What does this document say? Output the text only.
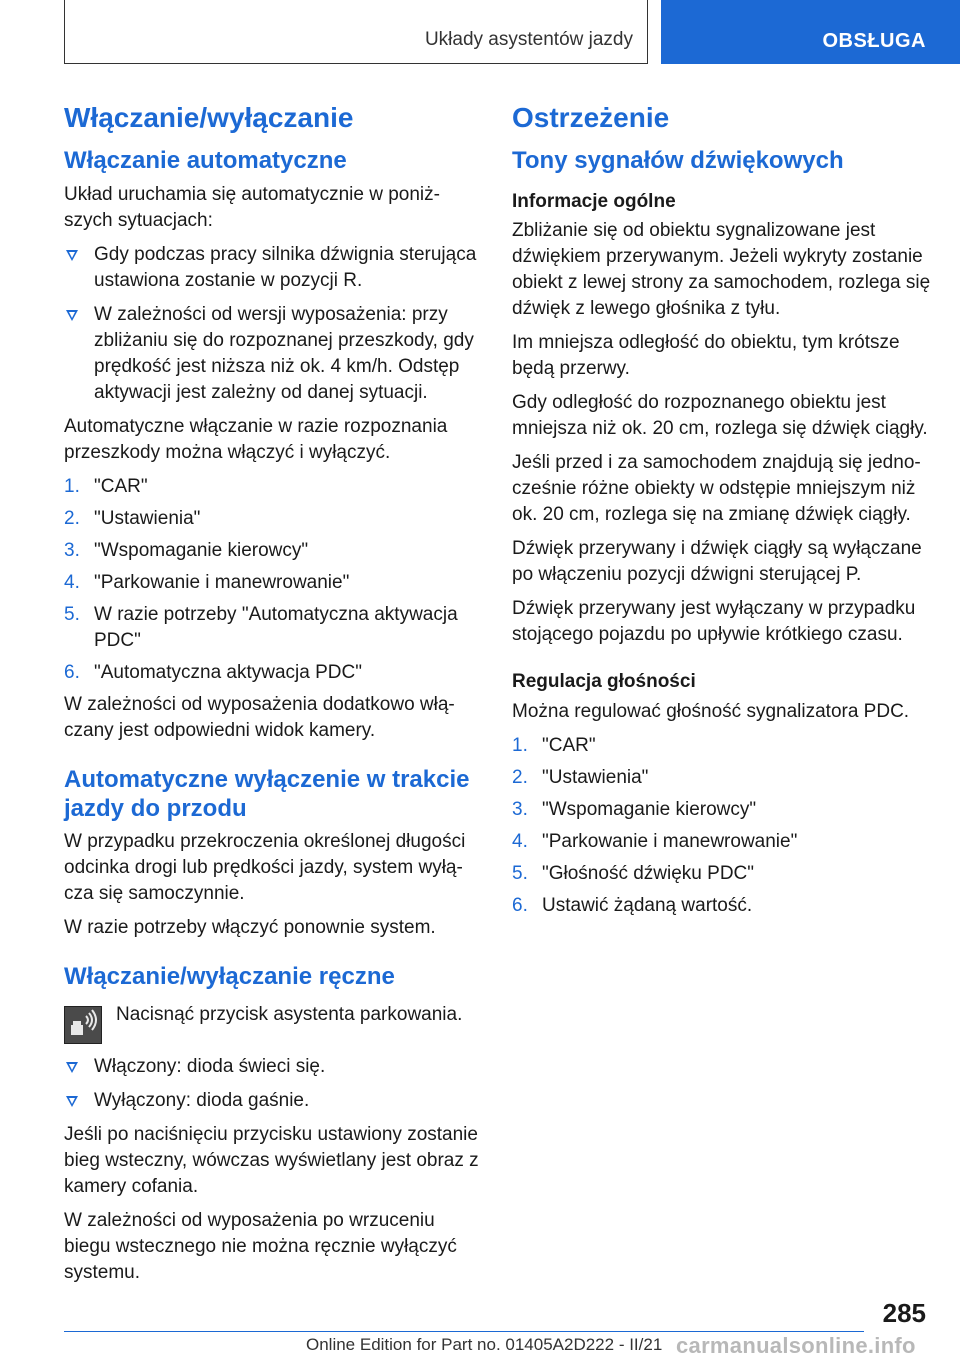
Układy asystentów jazdy	OBSŁUGA
Włączanie/wyłączanie
Włączanie automatyczne

Układ uruchamia się automatycznie w poniż-szych sytuacjach:

Gdy podczas pracy silnika dźwignia sterująca ustawiona zostanie w pozycji R.
W zależności od wersji wyposażenia: przy zbliżaniu się do rozpoznanej przeszkody, gdy prędkość jest niższa niż ok. 4 km/h. Odstęp aktywacji jest zależny od danej sytuacji.

Automatyczne włączanie w razie rozpoznania przeszkody można włączyć i wyłączyć.

1. "CAR"
2. "Ustawienia"
3. "Wspomaganie kierowcy"
4. "Parkowanie i manewrowanie"
5. W razie potrzeby "Automatyczna aktywacja PDC"
6. "Automatyczna aktywacja PDC"

W zależności od wyposażenia dodatkowo włą-czany jest odpowiedni widok kamery.

Automatyczne wyłączenie w trakcie jazdy do przodu

W przypadku przekroczenia określonej długości odcinka drogi lub prędkości jazdy, system wyłą-cza się samoczynnie.

W razie potrzeby włączyć ponownie system.

Włączanie/wyłączanie ręczne

Nacisnąć przycisk asystenta parkowania.

Włączony: dioda świeci się.
Wyłączony: dioda gaśnie.

Jeśli po naciśnięciu przycisku ustawiony zostanie bieg wsteczny, wówczas wyświetlany jest obraz z kamery cofania.

W zależności od wyposażenia po wrzuceniu biegu wstecznego nie można ręcznie wyłączyć systemu.

Ostrzeżenie
Tony sygnałów dźwiękowych
Informacje ogólne

Zbliżanie się od obiektu sygnalizowane jest dźwiękiem przerywanym. Jeżeli wykryty zostanie obiekt z lewej strony za samochodem, rozlega się dźwięk z lewego głośnika z tyłu.

Im mniejsza odległość do obiektu, tym krótsze będą przerwy.

Gdy odległość do rozpoznanego obiektu jest mniejsza niż ok. 20 cm, rozlega się dźwięk ciągły.

Jeśli przed i za samochodem znajdują się jedno-cześnie różne obiekty w odstępie mniejszym niż ok. 20 cm, rozlega się na zmianę dźwięk ciągły.

Dźwięk przerywany i dźwięk ciągły są wyłączane po włączeniu pozycji dźwigni sterującej P.

Dźwięk przerywany jest wyłączany w przypadku stojącego pojazdu po upływie krótkiego czasu.

Regulacja głośności

Można regulować głośność sygnalizatora PDC.

1. "CAR"
2. "Ustawienia"
3. "Wspomaganie kierowcy"
4. "Parkowanie i manewrowanie"
5. "Głośność dźwięku PDC"
6. Ustawić żądaną wartość.
285
Online Edition for Part no. 01405A2D222 - II/21 carmanualsonline.info
